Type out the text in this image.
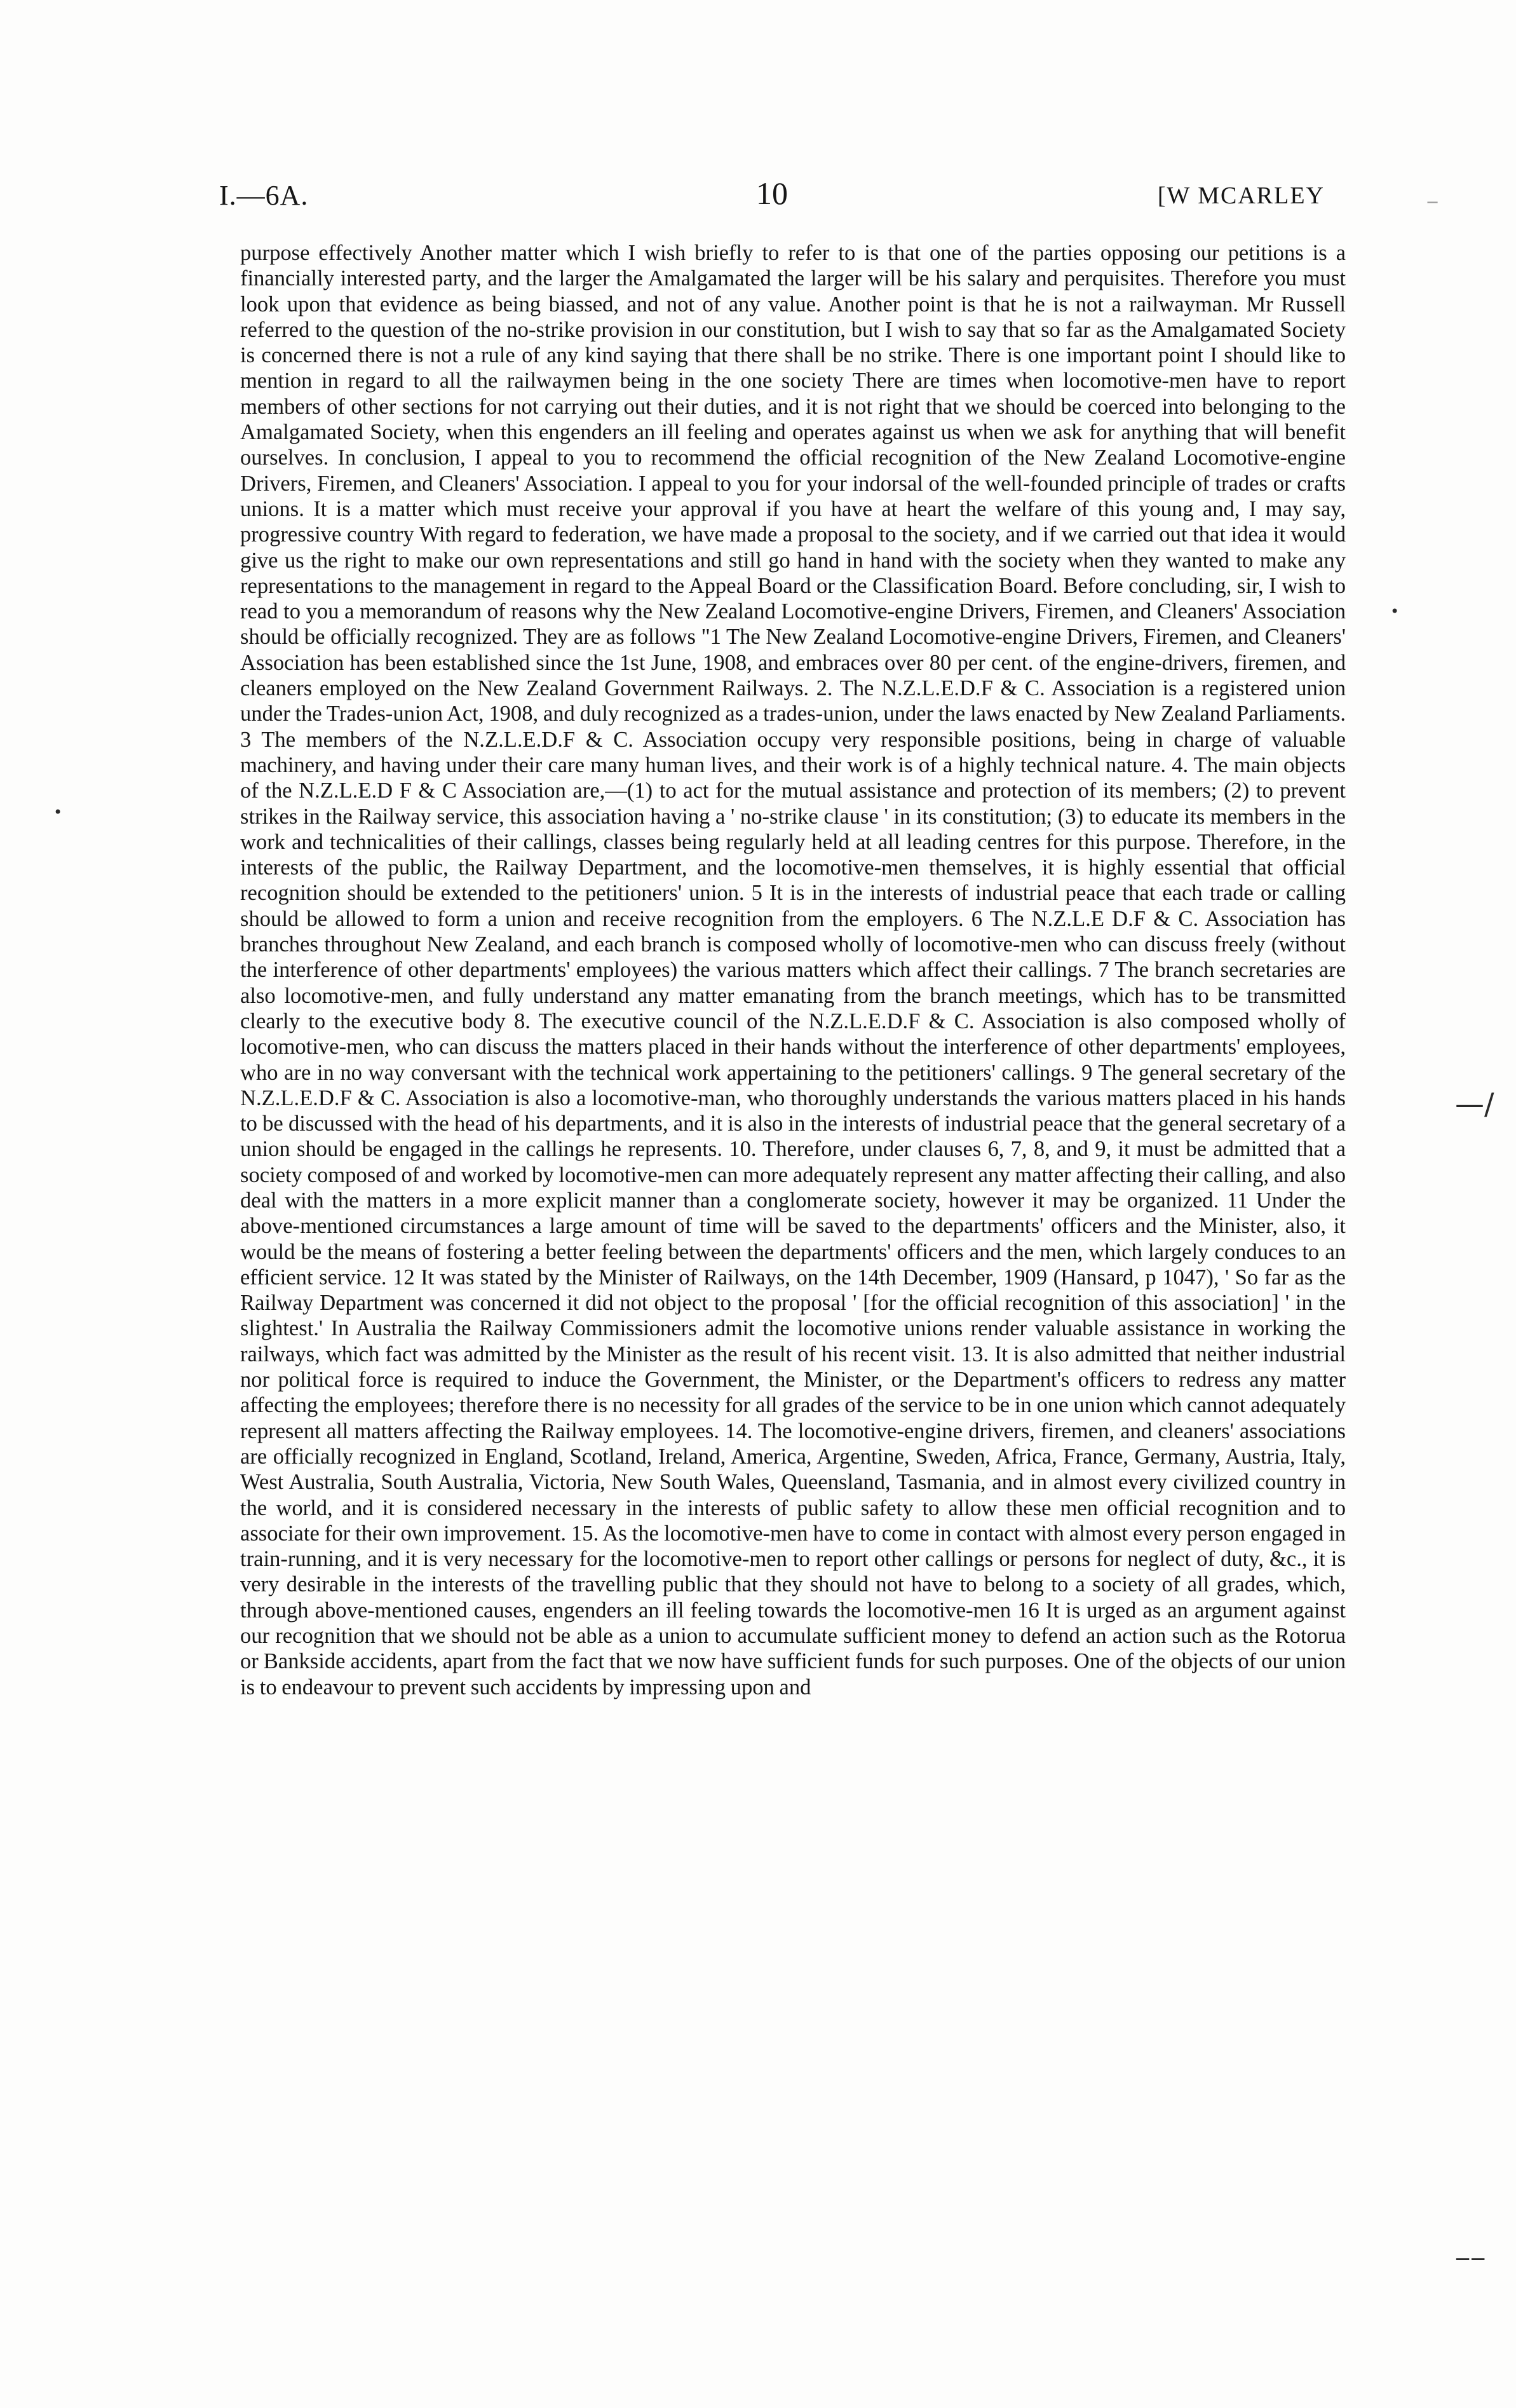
I.—6A.	10	[W MCARLEY

purpose effectively Another matter which I wish briefly to refer to is that one of the parties opposing our petitions is a financially interested party, and the larger the Amalgamated the larger will be his salary and perquisites. Therefore you must look upon that evidence as being biassed, and not of any value. Another point is that he is not a railwayman. Mr Russell referred to the question of the no-strike provision in our constitution, but I wish to say that so far as the Amalgamated Society is concerned there is not a rule of any kind saying that there shall be no strike. There is one important point I should like to mention in regard to all the railwaymen being in the one society There are times when locomotive-men have to report members of other sections for not carrying out their duties, and it is not right that we should be coerced into belonging to the Amalgamated Society, when this engenders an ill feeling and operates against us when we ask for anything that will benefit ourselves. In conclusion, I appeal to you to recommend the official recognition of the New Zealand Locomotive-engine Drivers, Firemen, and Cleaners' Association. I appeal to you for your indorsal of the well-founded principle of trades or crafts unions. It is a matter which must receive your approval if you have at heart the welfare of this young and, I may say, progressive country With regard to federation, we have made a proposal to the society, and if we carried out that idea it would give us the right to make our own representations and still go hand in hand with the society when they wanted to make any representations to the management in regard to the Appeal Board or the Classification Board. Before concluding, sir, I wish to read to you a memorandum of reasons why the New Zealand Locomotive-engine Drivers, Firemen, and Cleaners' Association should be officially recognized. They are as follows "1 The New Zealand Locomotive-engine Drivers, Firemen, and Cleaners' Association has been established since the 1st June, 1908, and embraces over 80 per cent. of the engine-drivers, firemen, and cleaners employed on the New Zealand Government Railways. 2. The N.Z.L.E.D.F & C. Association is a registered union under the Trades-union Act, 1908, and duly recognized as a trades-union, under the laws enacted by New Zealand Parliaments. 3 The members of the N.Z.L.E.D.F & C. Association occupy very responsible positions, being in charge of valuable machinery, and having under their care many human lives, and their work is of a highly technical nature. 4. The main objects of the N.Z.L.E.D F & C Association are,—(1) to act for the mutual assistance and protection of its members; (2) to prevent strikes in the Railway service, this association having a ' no-strike clause ' in its constitution; (3) to educate its members in the work and technicalities of their callings, classes being regularly held at all leading centres for this purpose. Therefore, in the interests of the public, the Railway Department, and the locomotive-men themselves, it is highly essential that official recognition should be extended to the petitioners' union. 5 It is in the interests of industrial peace that each trade or calling should be allowed to form a union and receive recognition from the employers. 6 The N.Z.L.E D.F & C. Association has branches throughout New Zealand, and each branch is composed wholly of locomotive-men who can discuss freely (without the interference of other departments' employees) the various matters which affect their callings. 7 The branch secretaries are also locomotive-men, and fully understand any matter emanating from the branch meetings, which has to be transmitted clearly to the executive body 8. The executive council of the N.Z.L.E.D.F & C. Association is also composed wholly of locomotive-men, who can discuss the matters placed in their hands without the interference of other departments' employees, who are in no way conversant with the technical work appertaining to the petitioners' callings. 9 The general secretary of the N.Z.L.E.D.F & C. Association is also a locomotive-man, who thoroughly understands the various matters placed in his hands to be discussed with the head of his departments, and it is also in the interests of industrial peace that the general secretary of a union should be engaged in the callings he represents. 10. Therefore, under clauses 6, 7, 8, and 9, it must be admitted that a society composed of and worked by locomotive-men can more adequately represent any matter affecting their calling, and also deal with the matters in a more explicit manner than a conglomerate society, however it may be organized. 11 Under the above-mentioned circumstances a large amount of time will be saved to the departments' officers and the Minister, also, it would be the means of fostering a better feeling between the departments' officers and the men, which largely conduces to an efficient service. 12 It was stated by the Minister of Railways, on the 14th December, 1909 (Hansard, p 1047), ' So far as the Railway Department was concerned it did not object to the proposal ' [for the official recognition of this association] ' in the slightest.' In Australia the Railway Commissioners admit the locomotive unions render valuable assistance in working the railways, which fact was admitted by the Minister as the result of his recent visit. 13. It is also admitted that neither industrial nor political force is required to induce the Government, the Minister, or the Department's officers to redress any matter affecting the employees; therefore there is no necessity for all grades of the service to be in one union which cannot adequately represent all matters affecting the Railway employees. 14. The locomotive-engine drivers, firemen, and cleaners' associations are officially recognized in England, Scotland, Ireland, America, Argentine, Sweden, Africa, France, Germany, Austria, Italy, West Australia, South Australia, Victoria, New South Wales, Queensland, Tasmania, and in almost every civilized country in the world, and it is considered necessary in the interests of public safety to allow these men official recognition and to associate for their own improvement. 15. As the locomotive-men have to come in contact with almost every person engaged in train-running, and it is very necessary for the locomotive-men to report other callings or persons for neglect of duty, &c., it is very desirable in the interests of the travelling public that they should not have to belong to a society of all grades, which, through above-mentioned causes, engenders an ill feeling towards the locomotive-men 16 It is urged as an argument against our recognition that we should not be able as a union to accumulate sufficient money to defend an action such as the Rotorua or Bankside accidents, apart from the fact that we now have sufficient funds for such purposes. One of the objects of our union is to endeavour to prevent such accidents by impressing upon and

—/
‒‒
‒
•
•
